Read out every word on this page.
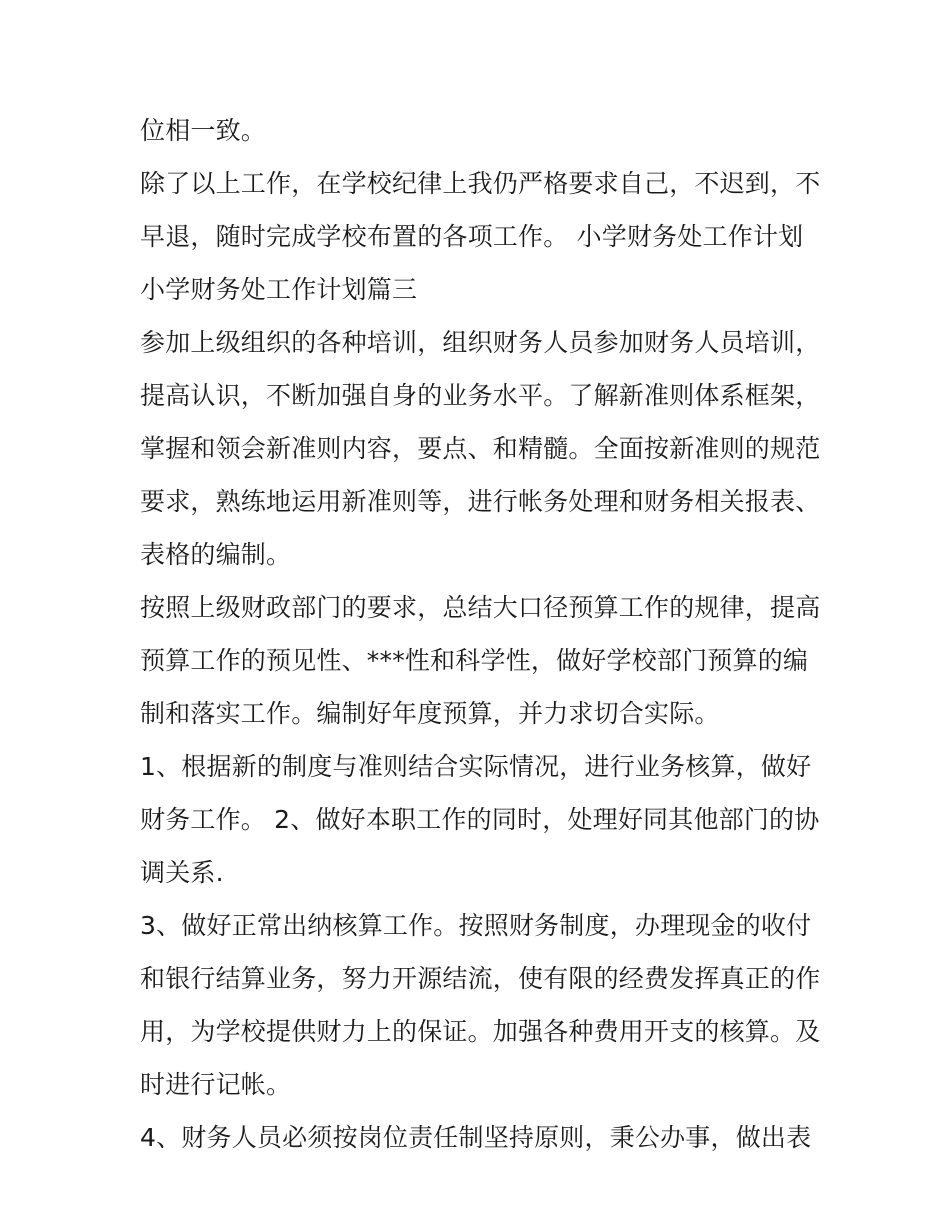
位相一致。
除了以上工作，在学校纪律上我仍严格要求自己，不迟到，不
早退，随时完成学校布置的各项工作。 小学财务处工作计划
小学财务处工作计划篇三
参加上级组织的各种培训，组织财务人员参加财务人员培训，
提高认识，不断加强自身的业务水平。了解新准则体系框架，
掌握和领会新准则内容，要点、和精髓。全面按新准则的规范
要求，熟练地运用新准则等，进行帐务处理和财务相关报表、
表格的编制。
按照上级财政部门的要求，总结大口径预算工作的规律，提高
预算工作的预见性、***性和科学性，做好学校部门预算的编
制和落实工作。编制好年度预算，并力求切合实际。
1、根据新的制度与准则结合实际情况，进行业务核算，做好
财务工作。 2、做好本职工作的同时，处理好同其他部门的协
调关系.
3、做好正常出纳核算工作。按照财务制度，办理现金的收付
和银行结算业务，努力开源结流，使有限的经费发挥真正的作
用，为学校提供财力上的保证。加强各种费用开支的核算。及
时进行记帐。
4、财务人员必须按岗位责任制坚持原则，秉公办事，做出表
